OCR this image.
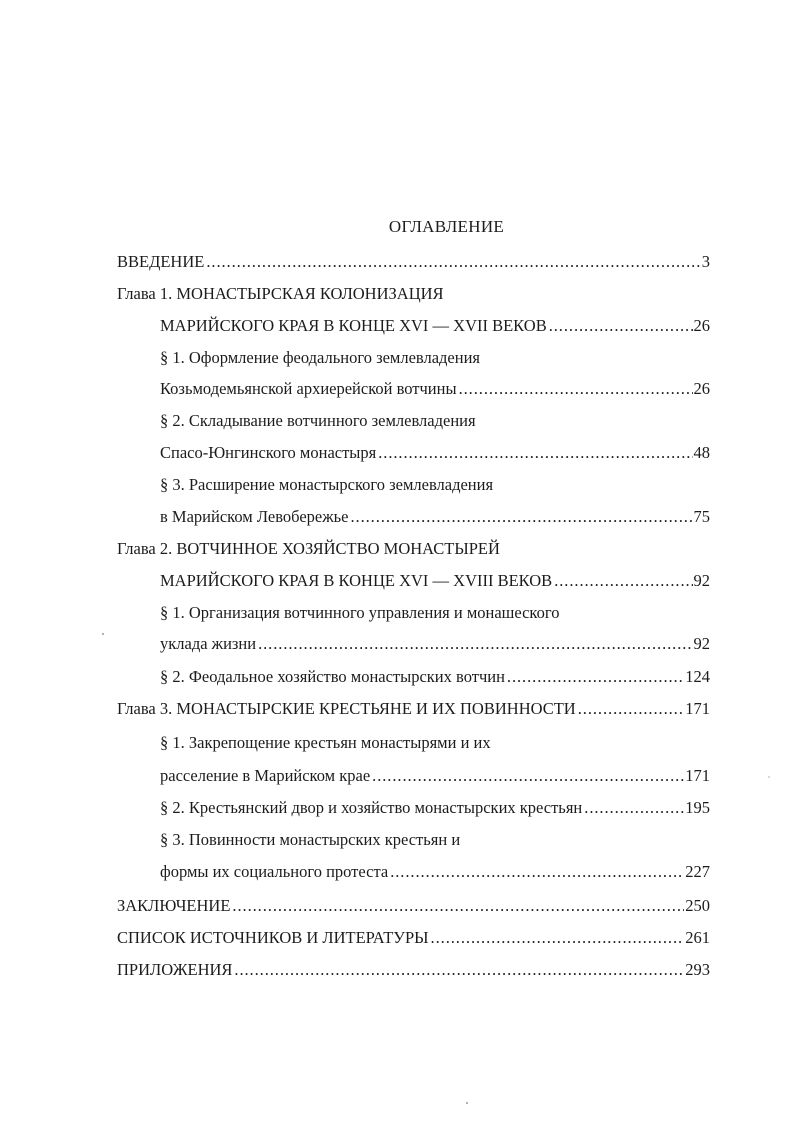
ОГЛАВЛЕНИЕ
ВВЕДЕНИЕ . . .	3
Глава 1. МОНАСТЫРСКАЯ КОЛОНИЗАЦИЯ
МАРИЙСКОГО КРАЯ В КОНЦЕ XVI — XVII ВЕКОВ . . .	26
§ 1. Оформление феодального землевладения
Козьмодемьянской архиерейской вотчины . . .	26
§ 2. Складывание вотчинного землевладения
Спасо-Юнгинского монастыря . . .	48
§ 3. Расширение монастырского землевладения
в Марийском Левобережье . . .	75
Глава 2. ВОТЧИННОЕ ХОЗЯЙСТВО МОНАСТЫРЕЙ
МАРИЙСКОГО КРАЯ В КОНЦЕ XVI — XVIII ВЕКОВ . . .	92
§ 1. Организация вотчинного управления и монашеского
уклада жизни . . .	92
§ 2. Феодальное хозяйство монастырских вотчин . . .	124
Глава 3. МОНАСТЫРСКИЕ КРЕСТЬЯНЕ И ИХ ПОВИННОСТИ . . .	171
§ 1. Закрепощение крестьян монастырями и их
расселение в Марийском крае . . .	171
§ 2. Крестьянский двор и хозяйство монастырских крестьян . . .	195
§ 3. Повинности монастырских крестьян и
формы их социального протеста . . .	227
ЗАКЛЮЧЕНИЕ . . .	250
СПИСОК ИСТОЧНИКОВ И ЛИТЕРАТУРЫ . . .	261
ПРИЛОЖЕНИЯ . . .	293
